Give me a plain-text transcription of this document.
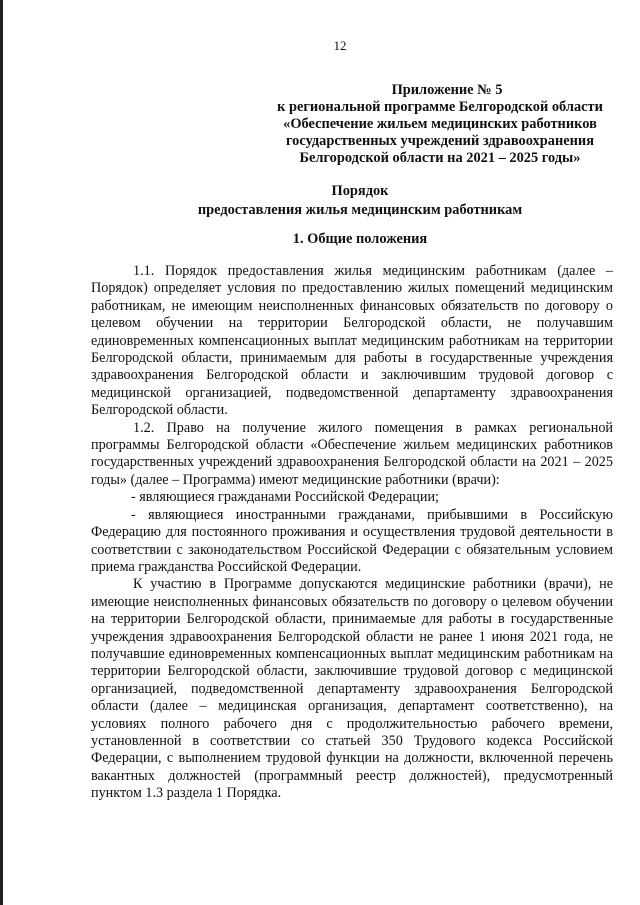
12
Приложение № 5
к региональной программе Белгородской области
«Обеспечение жильем медицинских работников
государственных учреждений здравоохранения
Белгородской области на 2021 – 2025 годы»
Порядок
предоставления жилья медицинским работникам
1. Общие положения

1.1. Порядок предоставления жилья медицинским работникам (далее – Порядок) определяет условия по предоставлению жилых помещений медицинским работникам, не имеющим неисполненных финансовых обязательств по договору о целевом обучении на территории Белгородской области, не получавшим единовременных компенсационных выплат медицинским работникам на территории Белгородской области, принимаемым для работы в государственные учреждения здравоохранения Белгородской области и заключившим трудовой договор с медицинской организацией, подведомственной департаменту здравоохранения Белгородской области.

1.2. Право на получение жилого помещения в рамках региональной программы Белгородской области «Обеспечение жильем медицинских работников государственных учреждений здравоохранения Белгородской области на 2021 – 2025 годы» (далее – Программа) имеют медицинские работники (врачи):

- являющиеся гражданами Российской Федерации;

- являющиеся иностранными гражданами, прибывшими в Российскую Федерацию для постоянного проживания и осуществления трудовой деятельности в соответствии с законодательством Российской Федерации с обязательным условием приема гражданства Российской Федерации.

К участию в Программе допускаются медицинские работники (врачи), не имеющие неисполненных финансовых обязательств по договору о целевом обучении на территории Белгородской области, принимаемые для работы в государственные учреждения здравоохранения Белгородской области не ранее 1 июня 2021 года, не получавшие единовременных компенсационных выплат медицинским работникам на территории Белгородской области, заключившие трудовой договор с медицинской организацией, подведомственной департаменту здравоохранения Белгородской области (далее – медицинская организация, департамент соответственно), на условиях полного рабочего дня с продолжительностью рабочего времени, установленной в соответствии со статьей 350 Трудового кодекса Российской Федерации, с выполнением трудовой функции на должности, включенной перечень вакантных должностей (программный реестр должностей), предусмотренный пунктом 1.3 раздела 1 Порядка.
